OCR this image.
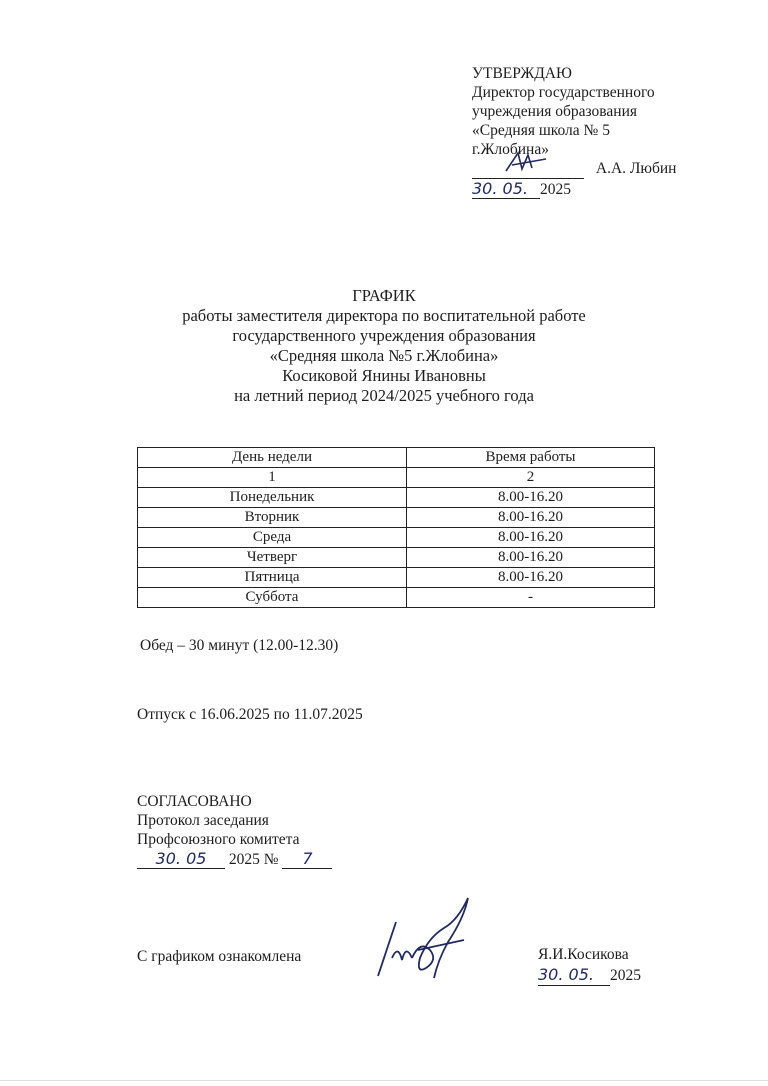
УТВЕРЖДАЮ
Директор государственного
учреждения образования
«Средняя школа № 5
г.Жлобина»
А.А. Любин
30. 05. 2025
ГРАФИК
работы заместителя директора по воспитательной работе
государственного учреждения образования
«Средняя школа №5 г.Жлобина»
Косиковой Янины Ивановны
на летний период 2024/2025 учебного года
День недели	Время работы
1	2
Понедельник	8.00-16.20
Вторник	8.00-16.20
Среда	8.00-16.20
Четверг	8.00-16.20
Пятница	8.00-16.20
Суббота	-
Обед – 30 минут (12.00-12.30)
Отпуск с 16.06.2025 по 11.07.2025
СОГЛАСОВАНО
Протокол заседания
Профсоюзного комитета
30. 05 2025 № 7
С графиком ознакомлена	Я.И.Косикова
30. 05. 2025
